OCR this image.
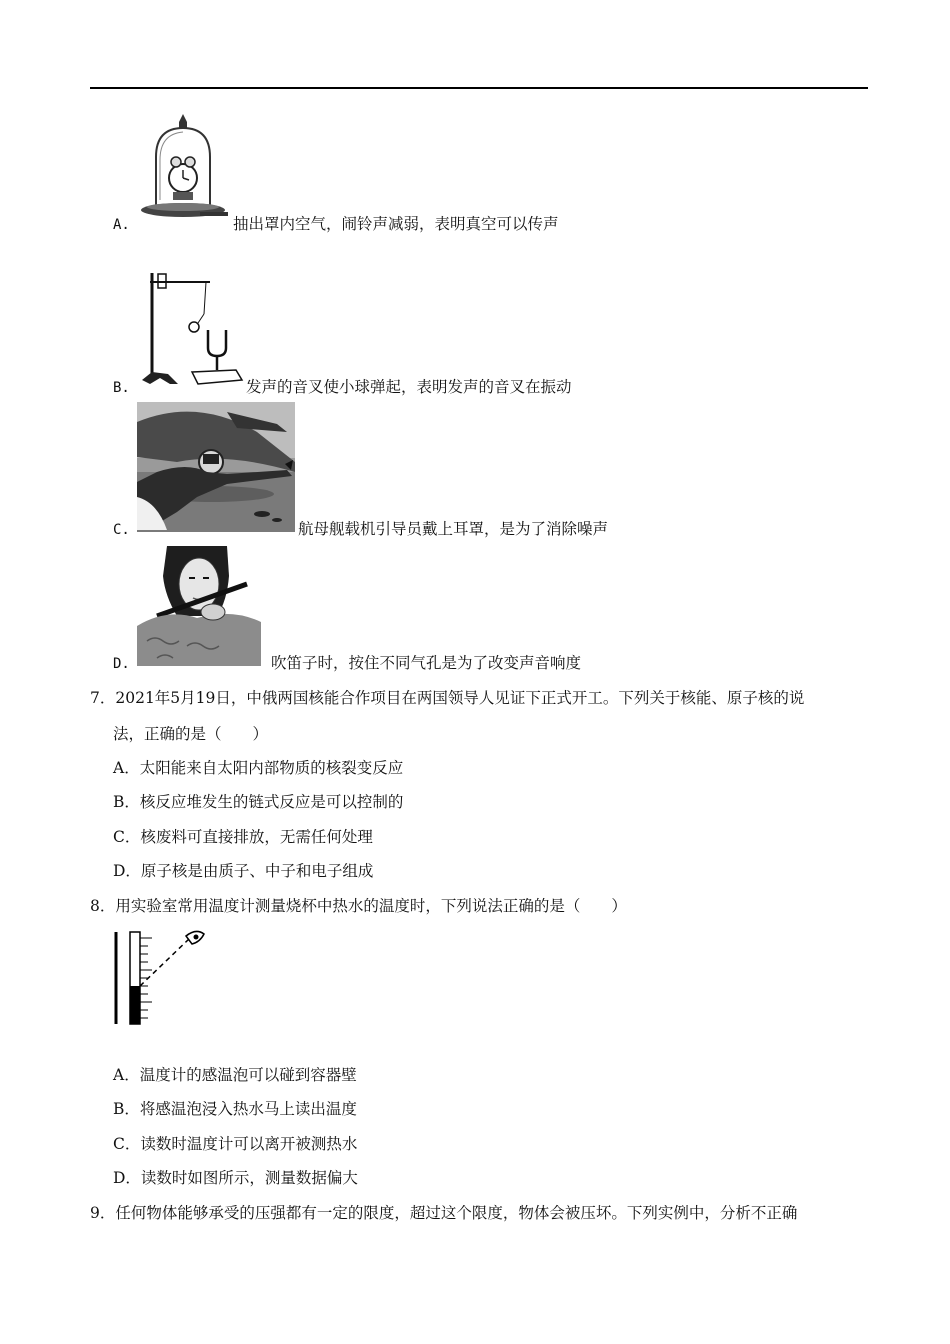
A.	抽出罩内空气，闹铃声减弱，表明真空可以传声
B.	发声的音叉使小球弹起，表明发声的音叉在振动
C.	航母舰载机引导员戴上耳罩，是为了消除噪声
D.	吹笛子时，按住不同气孔是为了改变声音响度
7．2021年5月19日，中俄两国核能合作项目在两国领导人见证下正式开工。下列关于核能、原子核的说
法，正确的是（　　）
A．太阳能来自太阳内部物质的核裂变反应
B．核反应堆发生的链式反应是可以控制的
C．核废料可直接排放，无需任何处理
D．原子核是由质子、中子和电子组成
8．用实验室常用温度计测量烧杯中热水的温度时，下列说法正确的是（　　）
A．温度计的感温泡可以碰到容器壁
B．将感温泡浸入热水马上读出温度
C．读数时温度计可以离开被测热水
D．读数时如图所示，测量数据偏大
9．任何物体能够承受的压强都有一定的限度，超过这个限度，物体会被压坏。下列实例中，分析不正确
